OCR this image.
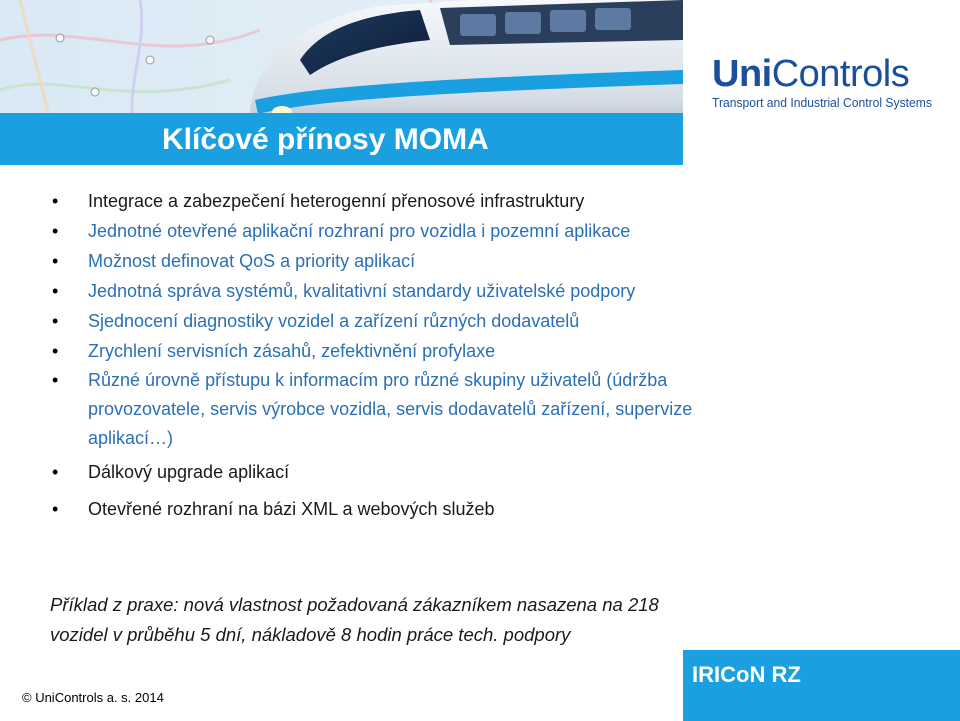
Klíčové přínosy MOMA
UniControls
Transport and Industrial Control Systems
• Integrace a zabezpečení heterogenní přenosové infrastruktury
• Jednotné otevřené aplikační rozhraní pro vozidla i pozemní aplikace
• Možnost definovat QoS a priority aplikací
• Jednotná správa systémů, kvalitativní standardy uživatelské podpory
• Sjednocení diagnostiky vozidel a zařízení různých dodavatelů
• Zrychlení servisních zásahů, zefektivnění profylaxe
• Různé úrovně přístupu k informacím pro různé skupiny uživatelů (údržba provozovatele, servis výrobce vozidla, servis dodavatelů zařízení, supervize aplikací…)
• Dálkový upgrade aplikací
• Otevřené rozhraní na bázi XML a webových služeb
Příklad z praxe: nová vlastnost požadovaná zákazníkem nasazena na 218
vozidel v průběhu 5 dní, nákladově 8 hodin práce tech. podpory
IRICoN RZ
© UniControls a. s. 2014
